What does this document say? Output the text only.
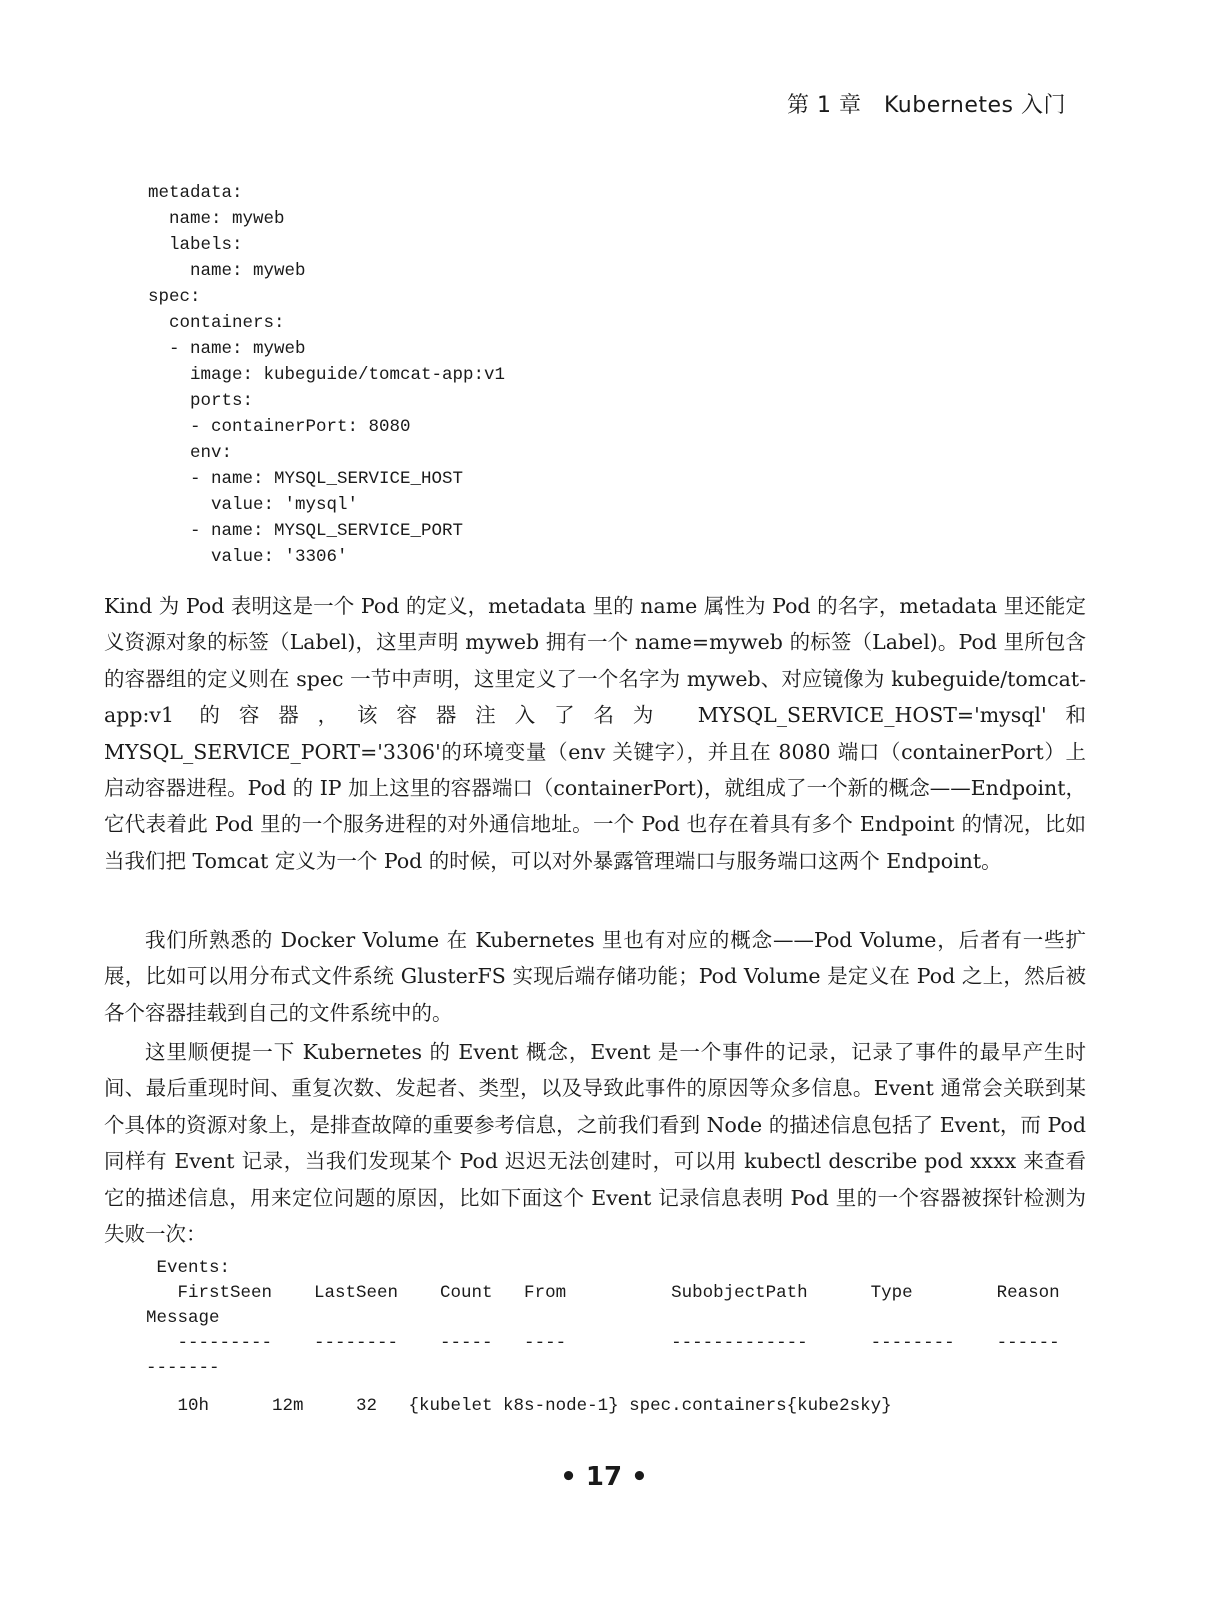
第 1 章　Kubernetes 入门
metadata:
name: myweb
labels:
name: myweb
spec:
containers:
- name: myweb
image: kubeguide/tomcat-app:v1
ports:
- containerPort: 8080
env:
- name: MYSQL_SERVICE_HOST
value: 'mysql'
- name: MYSQL_SERVICE_PORT
value: '3306'

Kind 为 Pod 表明这是一个 Pod 的定义，metadata 里的 name 属性为 Pod 的名字，metadata 里还能定义资源对象的标签（Label)，这里声明 myweb 拥有一个 name=myweb 的标签（Label)。Pod 里所包含的容器组的定义则在 spec 一节中声明，这里定义了一个名字为 myweb、对应镜像为 kubeguide/tomcat-app:v1 的容器，该容器注入了名为 MYSQL_SERVICE_HOST='mysql'和 MYSQL_SERVICE_PORT='3306'的环境变量（env 关键字），并且在 8080 端口（containerPort）上启动容器进程。Pod 的 IP 加上这里的容器端口（containerPort)，就组成了一个新的概念——Endpoint，它代表着此 Pod 里的一个服务进程的对外通信地址。一个 Pod 也存在着具有多个 Endpoint 的情况，比如当我们把 Tomcat 定义为一个 Pod 的时候，可以对外暴露管理端口与服务端口这两个 Endpoint。

我们所熟悉的 Docker Volume 在 Kubernetes 里也有对应的概念——Pod Volume，后者有一些扩展，比如可以用分布式文件系统 GlusterFS 实现后端存储功能；Pod Volume 是定义在 Pod 之上，然后被各个容器挂载到自己的文件系统中的。

这里顺便提一下 Kubernetes 的 Event 概念，Event 是一个事件的记录，记录了事件的最早产生时间、最后重现时间、重复次数、发起者、类型，以及导致此事件的原因等众多信息。Event 通常会关联到某个具体的资源对象上，是排查故障的重要参考信息，之前我们看到 Node 的描述信息包括了 Event，而 Pod 同样有 Event 记录，当我们发现某个 Pod 迟迟无法创建时，可以用 kubectl describe pod xxxx 来查看它的描述信息，用来定位问题的原因，比如下面这个 Event 记录信息表明 Pod 里的一个容器被探针检测为失败一次：

Events:
FirstSeen    LastSeen    Count   From          SubobjectPath      Type        Reason
Message
---------    --------    -----   ----          -------------      --------    ------
-------
10h      12m     32   {kubelet k8s-node-1} spec.containers{kube2sky}
• 17 •
